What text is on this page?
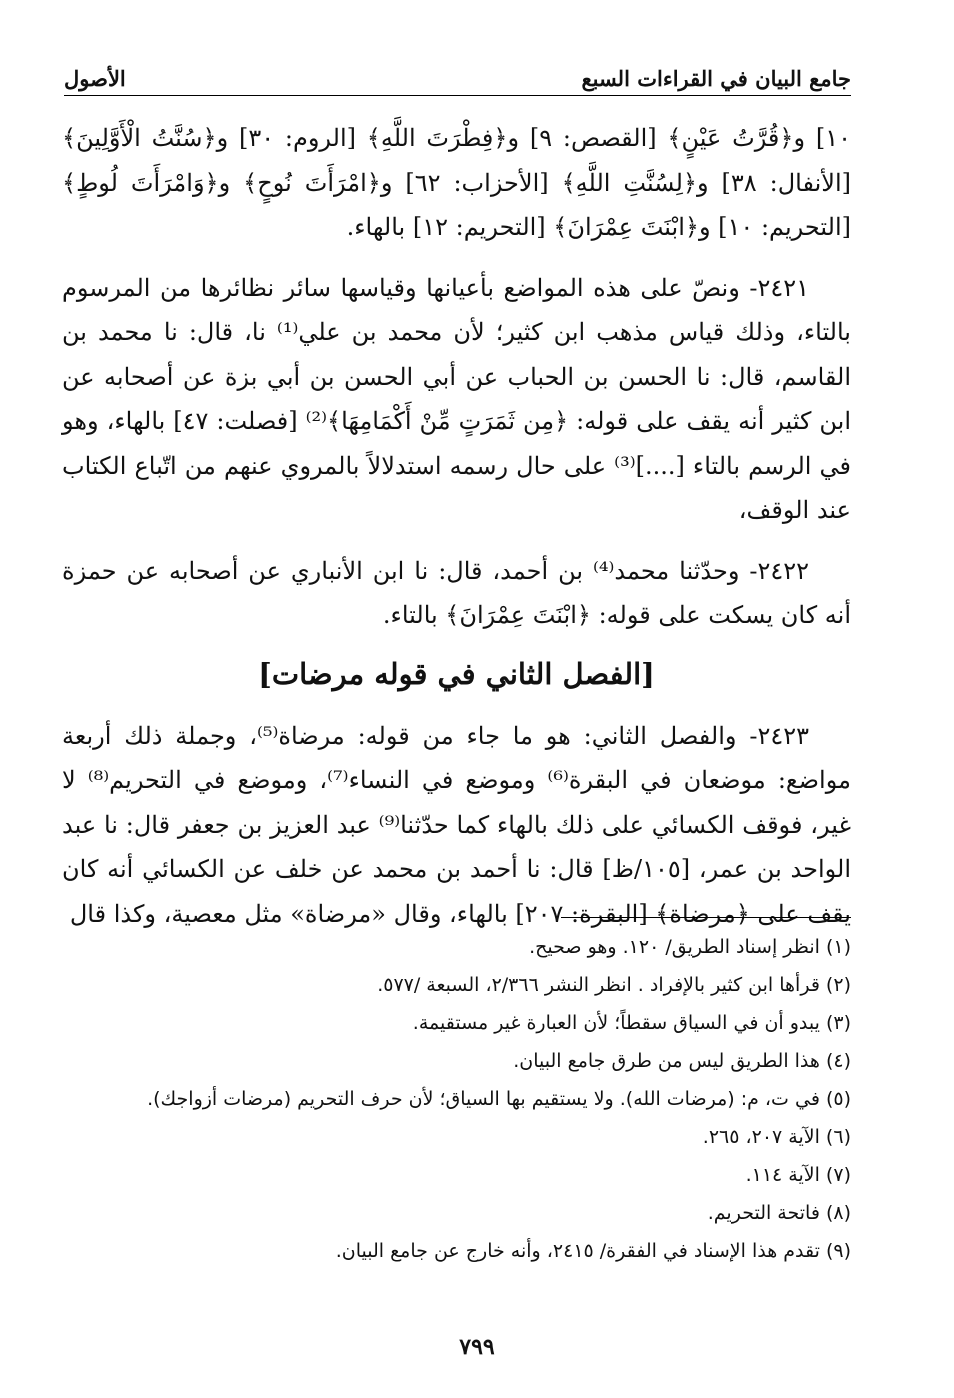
جامع البيان في القراءات السبع
الأصول

١٠] و﴿قُرَّتُ عَيْنٍ﴾ [القصص: ٩] و﴿فِطْرَتَ اللَّهِ﴾ [الروم: ٣٠] و﴿سُنَّتُ الْأَوَّلِينَ﴾ [الأنفال: ٣٨] و﴿لِسُنَّتِ اللَّهِ﴾ [الأحزاب: ٦٢] و﴿امْرَأَتَ نُوحٍ﴾ و﴿وَامْرَأَتَ لُوطٍ﴾ [التحريم: ١٠] و﴿ابْنَتَ عِمْرَانَ﴾ [التحريم: ١٢] بالهاء.

٢٤٢١- ونصّ على هذه المواضع بأعيانها وقياسها سائر نظائرها من المرسوم بالتاء، وذلك قياس مذهب ابن كثير؛ لأن محمد بن علي⁽¹⁾ نا، قال: نا محمد بن القاسم، قال: نا الحسن بن الحباب عن أبي الحسن بن أبي بزة عن أصحابه عن ابن كثير أنه يقف على قوله: ﴿مِن ثَمَرَتٍ مِّنْ أَكْمَامِهَا﴾⁽²⁾ [فصلت: ٤٧] بالهاء، وهو في الرسم بالتاء [....]⁽³⁾ على حال رسمه استدلالاً بالمروي عنهم من اتّباع الكتاب عند الوقف،

٢٤٢٢- وحدّثنا محمد⁽⁴⁾ بن أحمد، قال: نا ابن الأنباري عن أصحابه عن حمزة أنه كان يسكت على قوله: ﴿ابْنَتَ عِمْرَانَ﴾ بالتاء.

[الفصل الثاني في قوله مرضات]

٢٤٢٣- والفصل الثاني: هو ما جاء من قوله: مرضاة⁽⁵⁾، وجملة ذلك أربعة مواضع: موضعان في البقرة⁽⁶⁾ وموضع في النساء⁽⁷⁾، وموضع في التحريم⁽⁸⁾ لا غير، فوقف الكسائي على ذلك بالهاء كما حدّثنا⁽⁹⁾ عبد العزيز بن جعفر قال: نا عبد الواحد بن عمر، [١٠٥/ظ] قال: نا أحمد بن محمد عن خلف عن الكسائي أنه كان يقف على ﴿مرضاة﴾ [البقرة: ٢٠٧] بالهاء، وقال «مرضاة» مثل معصية، وكذا قال

(١) انظر إسناد الطريق/ ١٢٠. وهو صحيح.

(٢) قرأها ابن كثير بالإفراد . انظر النشر ٢/٣٦٦، السبعة /٥٧٧.

(٣) يبدو أن في السياق سقطاً؛ لأن العبارة غير مستقيمة.

(٤) هذا الطريق ليس من طرق جامع البيان.

(٥) في ت، م: (مرضات الله). ولا يستقيم بها السياق؛ لأن حرف التحريم (مرضات أزواجك).

(٦) الآية ٢٠٧، ٢٦٥.

(٧) الآية ١١٤.

(٨) فاتحة التحريم.

(٩) تقدم هذا الإسناد في الفقرة/ ٢٤١٥، وأنه خارج عن جامع البيان.

٧٩٩
